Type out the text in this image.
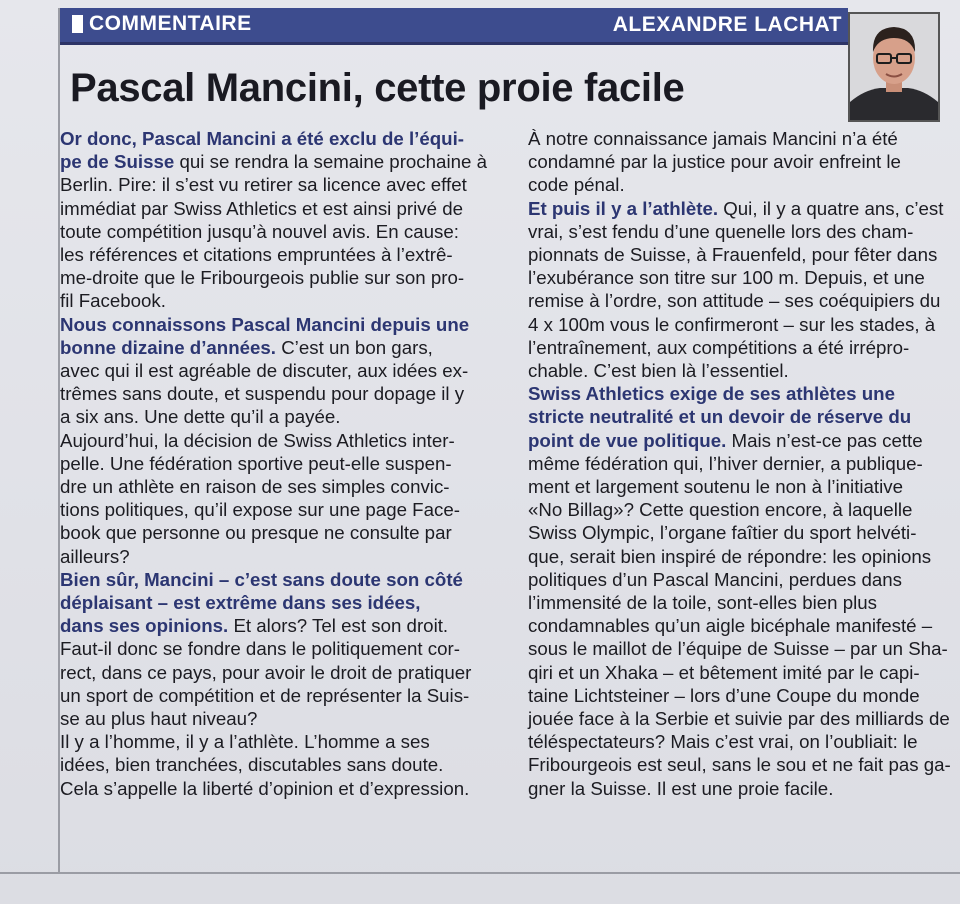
COMMENTAIRE	ALEXANDRE LACHAT
Pascal Mancini, cette proie facile

Or donc, Pascal Mancini a été exclu de l’équi-
pe de Suisse qui se rendra la semaine prochaine à
Berlin. Pire: il s’est vu retirer sa licence avec effet
immédiat par Swiss Athletics et est ainsi privé de
toute compétition jusqu’à nouvel avis. En cause:
les références et citations empruntées à l’extrê-
me-droite que le Fribourgeois publie sur son pro-
fil Facebook.

Nous connaissons Pascal Mancini depuis une
bonne dizaine d’années. C’est un bon gars,
avec qui il est agréable de discuter, aux idées ex-
trêmes sans doute, et suspendu pour dopage il y
a six ans. Une dette qu’il a payée.

Aujourd’hui, la décision de Swiss Athletics inter-
pelle. Une fédération sportive peut-elle suspen-
dre un athlète en raison de ses simples convic-
tions politiques, qu’il expose sur une page Face-
book que personne ou presque ne consulte par
ailleurs?

Bien sûr, Mancini – c’est sans doute son côté
déplaisant – est extrême dans ses idées,
dans ses opinions. Et alors? Tel est son droit.
Faut-il donc se fondre dans le politiquement cor-
rect, dans ce pays, pour avoir le droit de pratiquer
un sport de compétition et de représenter la Suis-
se au plus haut niveau?

Il y a l’homme, il y a l’athlète. L’homme a ses
idées, bien tranchées, discutables sans doute.
Cela s’appelle la liberté d’opinion et d’expression.

À notre connaissance jamais Mancini n’a été
condamné par la justice pour avoir enfreint le
code pénal.

Et puis il y a l’athlète. Qui, il y a quatre ans, c’est
vrai, s’est fendu d’une quenelle lors des cham-
pionnats de Suisse, à Frauenfeld, pour fêter dans
l’exubérance son titre sur 100 m. Depuis, et une
remise à l’ordre, son attitude – ses coéquipiers du
4 x 100m vous le confirmeront – sur les stades, à
l’entraînement, aux compétitions a été irrépro-
chable. C’est bien là l’essentiel.

Swiss Athletics exige de ses athlètes une
stricte neutralité et un devoir de réserve du
point de vue politique. Mais n’est-ce pas cette
même fédération qui, l’hiver dernier, a publique-
ment et largement soutenu le non à l’initiative
«No Billag»? Cette question encore, à laquelle
Swiss Olympic, l’organe faîtier du sport helvéti-
que, serait bien inspiré de répondre: les opinions
politiques d’un Pascal Mancini, perdues dans
l’immensité de la toile, sont-elles bien plus
condamnables qu’un aigle bicéphale manifesté –
sous le maillot de l’équipe de Suisse – par un Sha-
qiri et un Xhaka – et bêtement imité par le capi-
taine Lichtsteiner – lors d’une Coupe du monde
jouée face à la Serbie et suivie par des milliards de
téléspectateurs? Mais c’est vrai, on l’oubliait: le
Fribourgeois est seul, sans le sou et ne fait pas ga-
gner la Suisse. Il est une proie facile.
